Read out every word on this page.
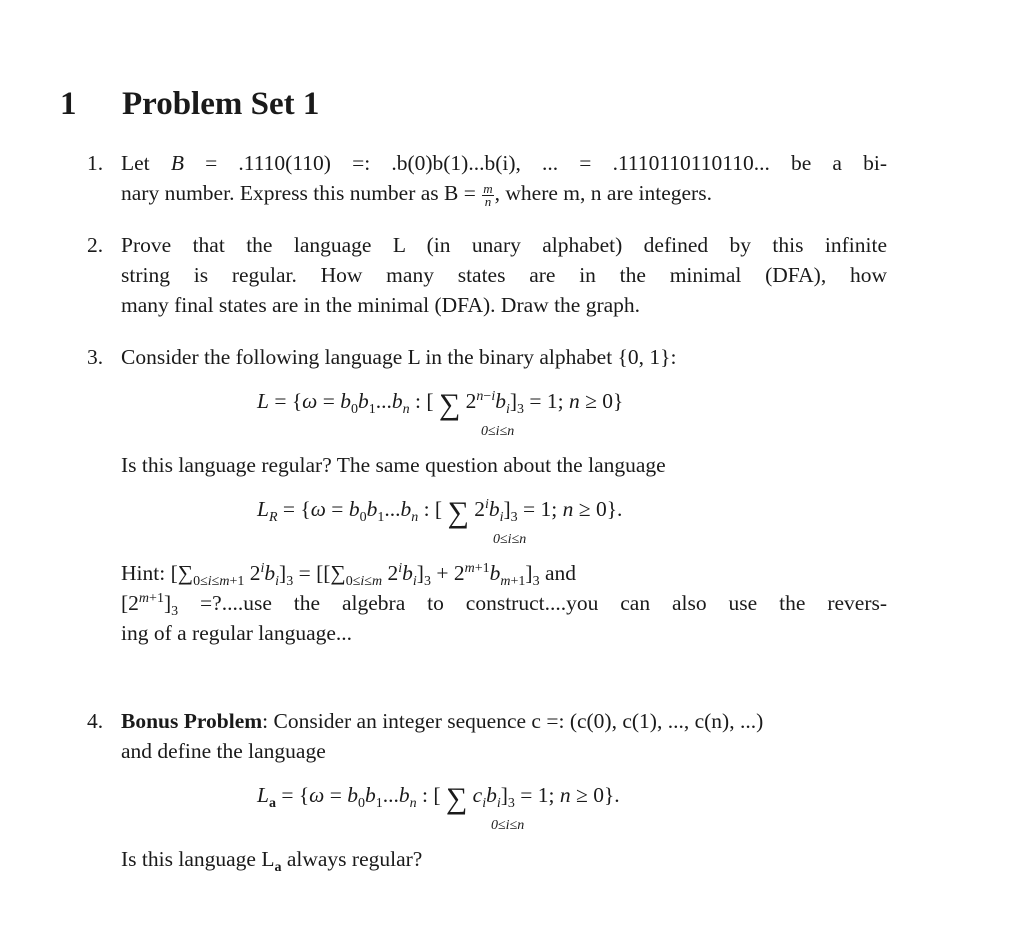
1 Problem Set 1
1. Let B = .1110(110) =: .b(0)b(1)...b(i), ... = .1110110110110... be a bi-
nary number. Express this number as $B = \frac{m}{n}$ , where m, n are integers.
2. Prove that the language L (in unary alphabet) defined by this infinite
string is regular. How many states are in the minimal (DFA), how
many final states are in the minimal (DFA). Draw the graph.
3. Consider the following language L in the binary alphabet {0, 1}:
$L = \{\omega = b_0b_1...b_n$ : [ ∑ $2^{n-i}b_i]_3 = 1$; n ≥ 0}
0≤i≤n
Is this language regular? The same question about the language
$L_R = \{\omega = b_0b_1...b_n$ : [ ∑ $2^ib_i]_3 = 1$; n ≥ 0}.
0≤i≤n
Hint: [$\sum_{0\le i\le m+1}$ $2^ib_i]_3 = [[\sum_{0\le i\le m}$ $2^ib_i]_3 + 2^{m+1}b_{m+1}]_3$ and
$[2^{m+1}]_3$ =?....use the algebra to construct....you can also use the revers-
ing of a regular language...
4. Bonus Problem: Consider an integer sequence c =: (c(0), c(1), ..., c(n), ...)
and define the language
$L_a = \{\omega = b_0b_1...b_n$ : [ ∑ $c_ib_i]_3 = 1$; n ≥ 0}.
0≤i≤n
Is this language $L_a$ always regular?
